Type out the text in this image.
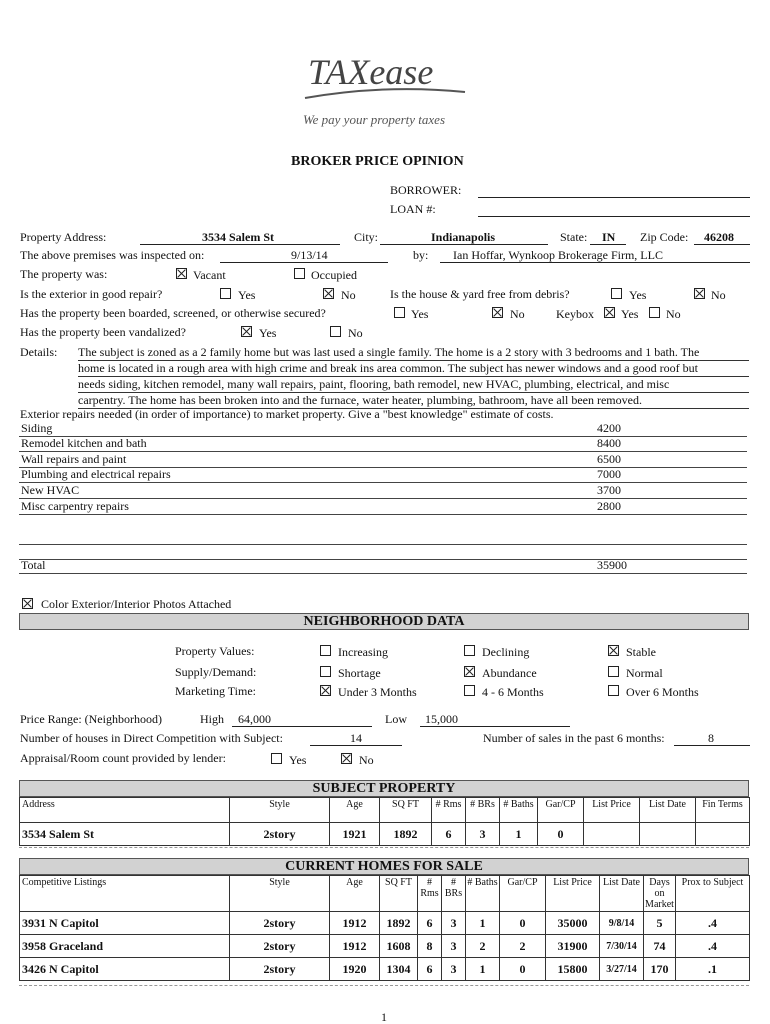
TAXease
We pay your property taxes
BROKER PRICE OPINION
BORROWER:
LOAN #:
Property Address:	3534 Salem St	City:	Indianapolis	State: IN Zip Code: 46208
The above premises was inspected on:	9/13/14	by: Ian Hoffar, Wynkoop Brokerage Firm, LLC
The property was:	Vacant	Occupied
Is the exterior in good repair?	Yes	No	Is the house & yard free from debris?	Yes	No
Has the property been boarded, screened, or otherwise secured?	Yes	No	Keybox Yes No
Has the property been vandalized?	Yes	No
Details: The subject is zoned as a 2 family home but was last used a single family. The home is a 2 story with 3 bedrooms and 1 bath. The
home is located in a rough area with high crime and break ins area common. The subject has newer windows and a good roof but
needs siding, kitchen remodel, many wall repairs, paint, flooring, bath remodel, new HVAC, plumbing, electrical, and misc
carpentry. The home has been broken into and the furnace, water heater, plumbing, bathroom, have all been removed.
Exterior repairs needed (in order of importance) to market property. Give a "best knowledge" estimate of costs.
Siding	4200
Remodel kitchen and bath	8400
Wall repairs and paint	6500
Plumbing and electrical repairs	7000
New HVAC	3700
Misc carpentry repairs	2800
Total	35900
Color Exterior/Interior Photos Attached
NEIGHBORHOOD DATA
Property Values:	Increasing	Declining	Stable
Supply/Demand:	Shortage	Abundance	Normal
Marketing Time:	Under 3 Months	4 - 6 Months	Over 6 Months
Price Range: (Neighborhood)	High 64,000	Low 15,000
Number of houses in Direct Competition with Subject:	14	Number of sales in the past 6 months:	8
Appraisal/Room count provided by lender:	Yes	No
SUBJECT PROPERTY
Address	Style	Age	SQ FT	# Rms	# BRs	# Baths	Gar/CP	List Price	List Date	Fin Terms
3534 Salem St	2story	1921	1892	6	3	1	0			
CURRENT HOMES FOR SALE
Competitive Listings	Style	Age	SQ FT	# Rms	# BRs	# Baths	Gar/CP	List Price	List Date	Days on Market	Prox to Subject
3931 N Capitol	2story	1912	1892	6	3	1	0	35000	9/8/14	5	.4
3958 Graceland	2story	1912	1608	8	3	2	2	31900	7/30/14	74	.4
3426 N Capitol	2story	1920	1304	6	3	1	0	15800	3/27/14	170	.1
1
